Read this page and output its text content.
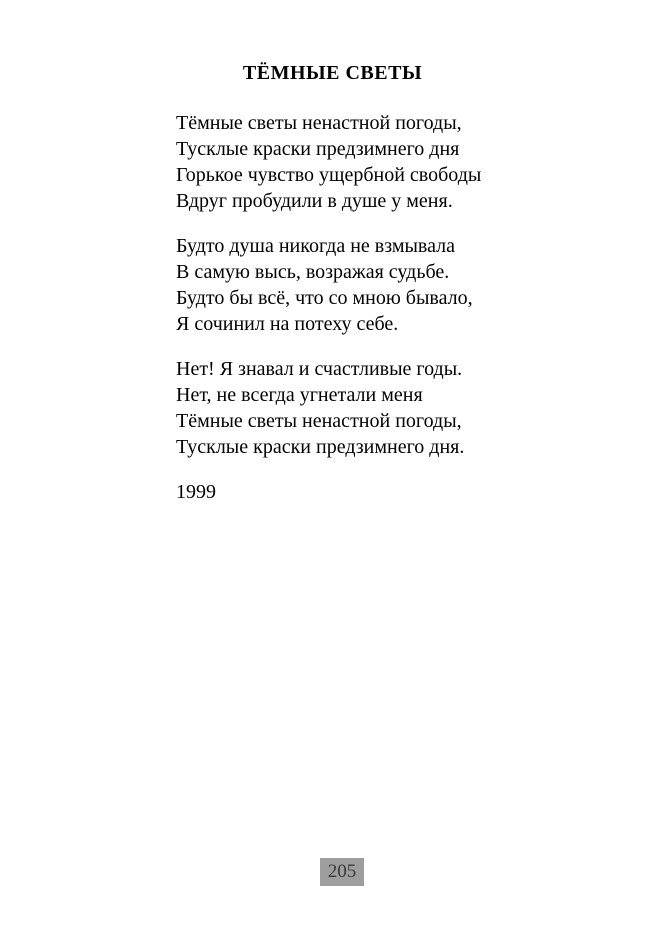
ТЁМНЫЕ СВЕТЫ
Тёмные светы ненастной погоды,
Тусклые краски предзимнего дня
Горькое чувство ущербной свободы
Вдруг пробудили в душе у меня.
Будто душа никогда не взмывала
В самую высь, возражая судьбе.
Будто бы всё, что со мною бывало,
Я сочинил на потеху себе.
Нет! Я знавал и счастливые годы.
Нет, не всегда угнетали меня
Тёмные светы ненастной погоды,
Тусклые краски предзимнего дня.
1999
205
